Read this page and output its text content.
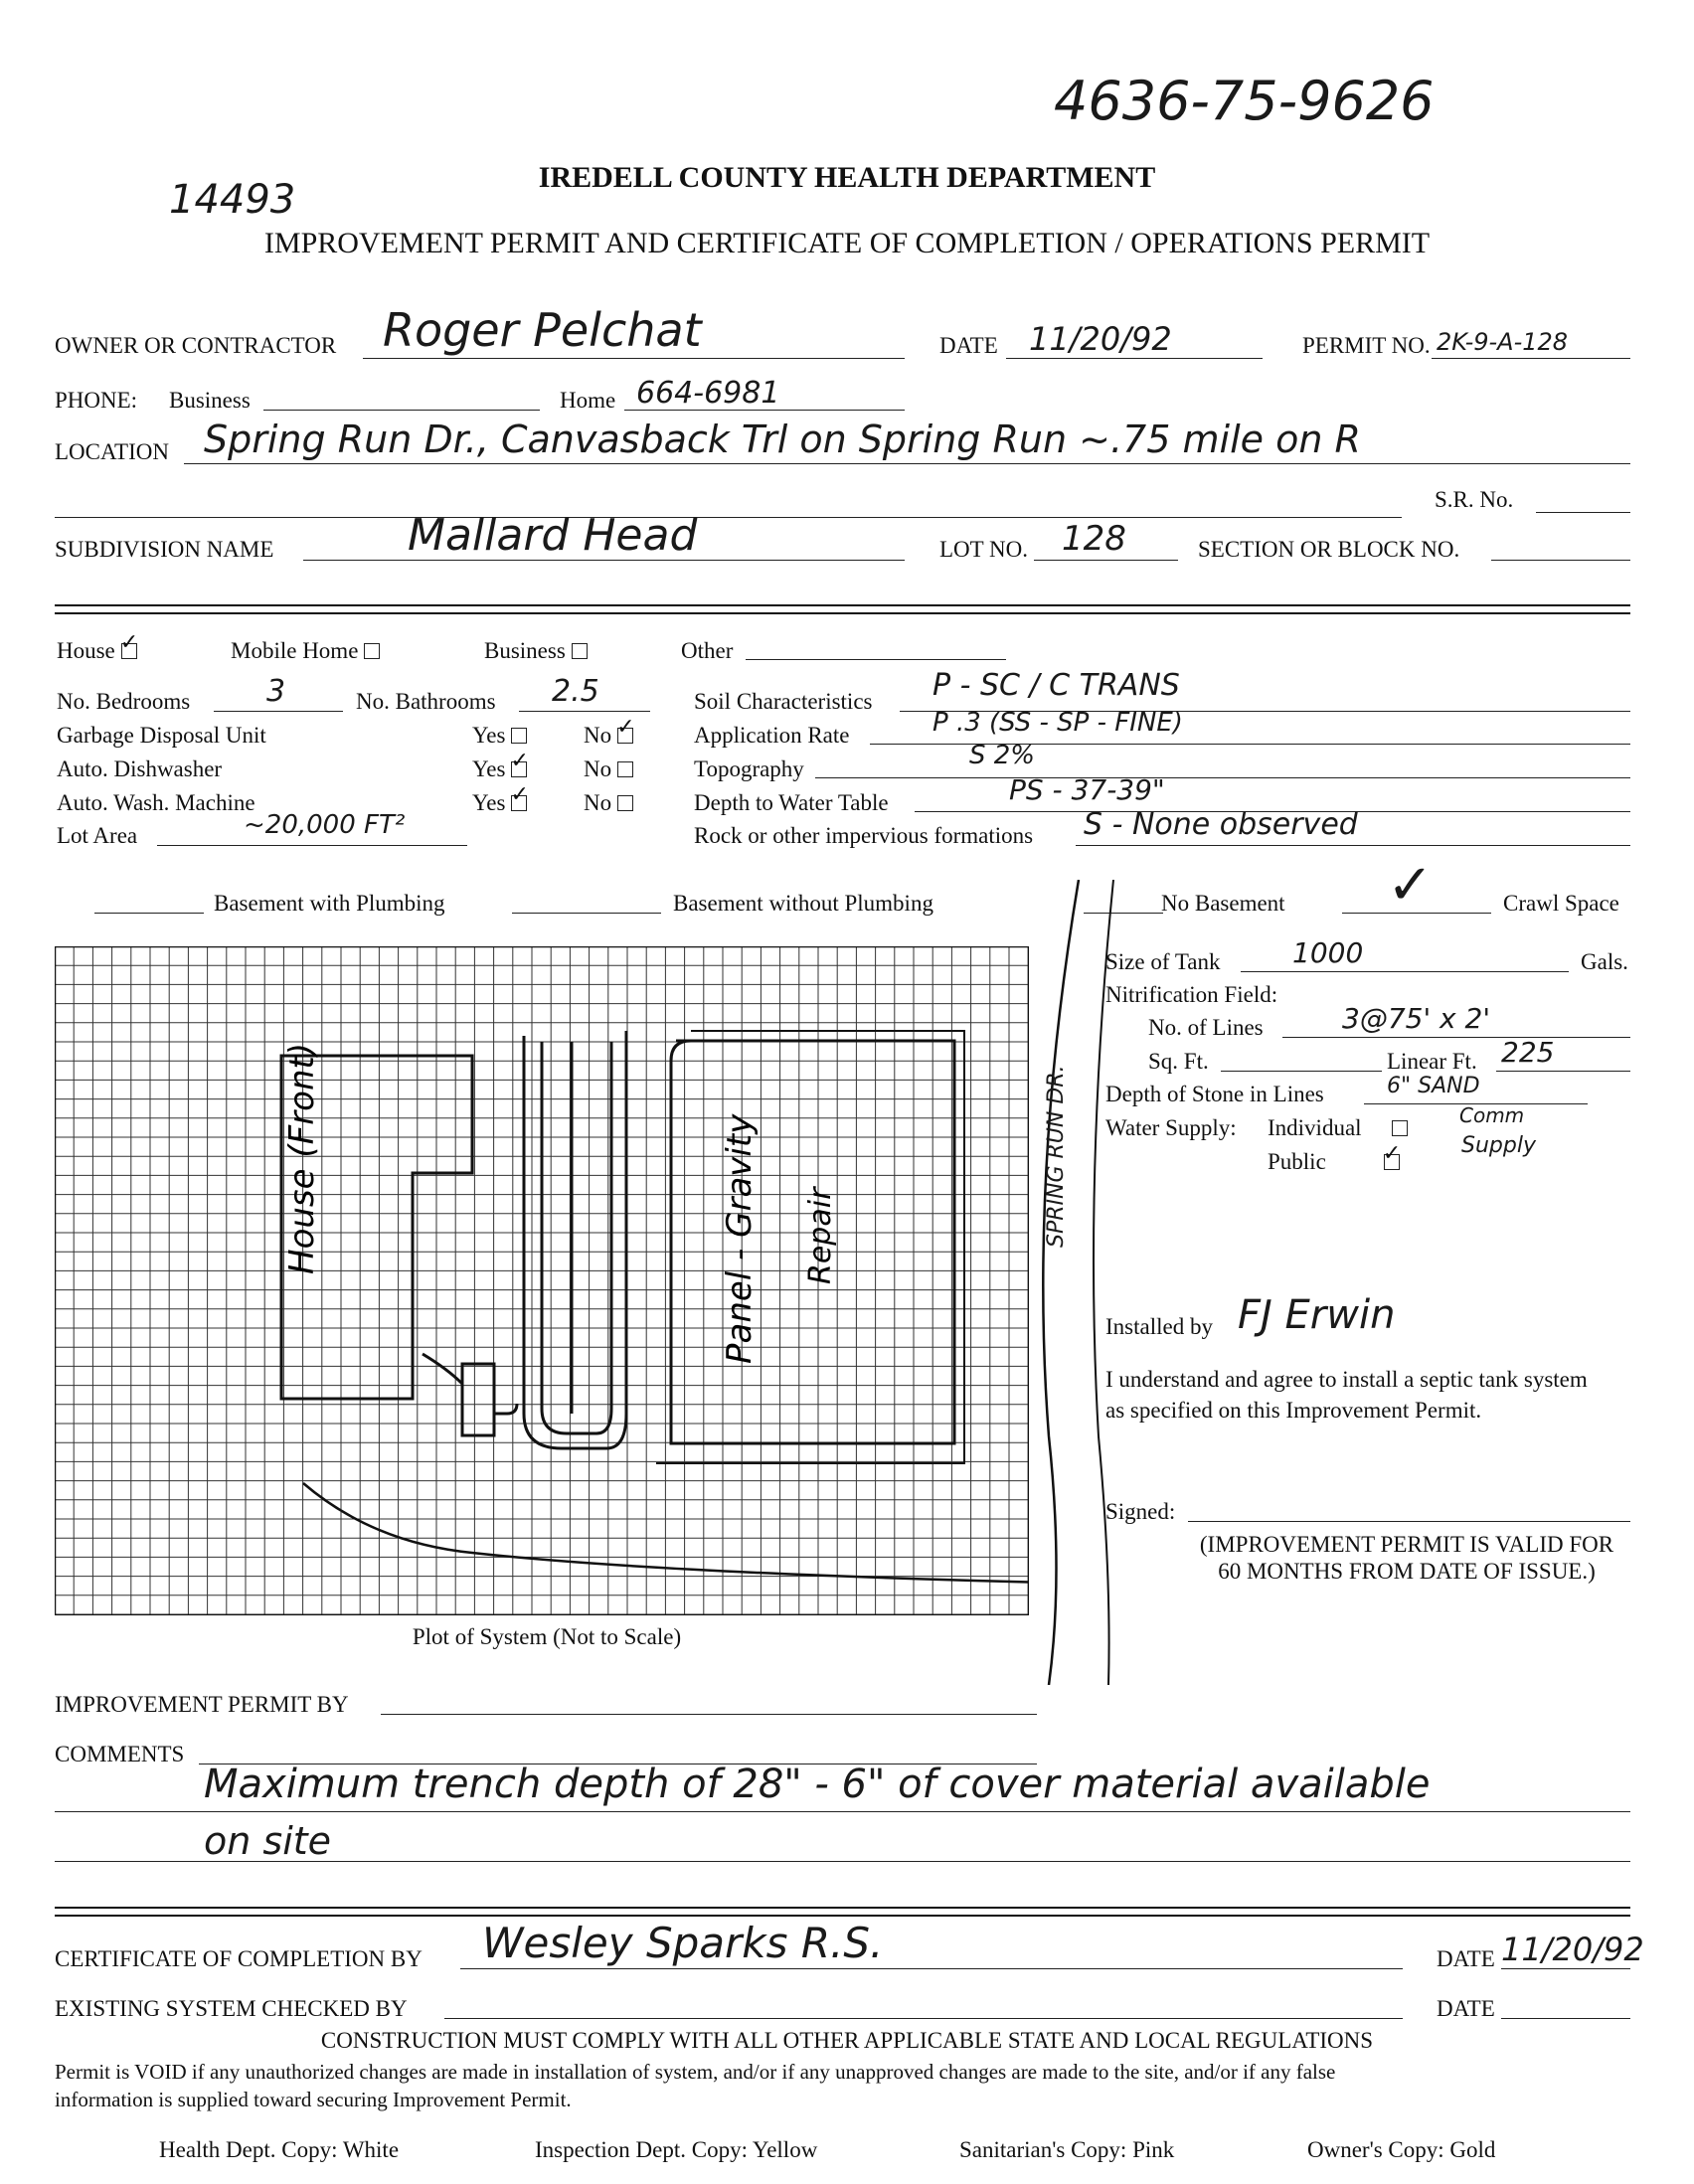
4636-75-9626
14493	IREDELL COUNTY HEALTH DEPARTMENT
IMPROVEMENT PERMIT AND CERTIFICATE OF COMPLETION / OPERATIONS PERMIT
OWNER OR CONTRACTOR Roger Pelchat	DATE 11/20/92	PERMIT NO. 2K-9-A-128
PHONE: Business	Home 664-6981
LOCATION Spring Run Dr., Canvasback Trl on Spring Run ~.75 mile on R
S.R. No.
SUBDIVISION NAME	Mallard Head	LOT NO. 128	SECTION OR BLOCK NO.
House ✓	Mobile Home	Business	Other
No. Bedrooms	3	No. Bathrooms 2.5
Garbage Disposal Unit	Yes	No ✓
Auto. Dishwasher	Yes ✓ No
Auto. Wash. Machine	Yes ✓ No
Lot Area	~20,000 FT²
Soil Characteristics P - SC / C TRANS
Application Rate	P .3 (SS - SP - FINE)
Topography	S 2%
Depth to Water Table	PS - 37-39"
Rock or other impervious formations S - None observed
Basement with Plumbing	Basement without Plumbing	No Basement ✓	Crawl Space
House (Front)	Panel - Gravity Repair	SPRING RUN DR.
Plot of System (Not to Scale)
Size of Tank	1000	Gals.
Nitrification Field:
No. of Lines	3@75' x 2'
Sq. Ft.	Linear Ft. 225
Depth of Stone in Lines	6" SAND
Water Supply: Individual
Public	✓
Comm
Supply
Installed by FJ Erwin
I understand and agree to install a septic tank system
as specified on this Improvement Permit.
Signed:
(IMPROVEMENT PERMIT IS VALID FOR
60 MONTHS FROM DATE OF ISSUE.)
IMPROVEMENT PERMIT BY
COMMENTS
Maximum trench depth of 28" - 6" of cover material available
on site
CERTIFICATE OF COMPLETION BY Wesley Sparks R.S.	DATE 11/20/92
EXISTING SYSTEM CHECKED BY	DATE
CONSTRUCTION MUST COMPLY WITH ALL OTHER APPLICABLE STATE AND LOCAL REGULATIONS
Permit is VOID if any unauthorized changes are made in installation of system, and/or if any unapproved changes are made to the site, and/or if any false
information is supplied toward securing Improvement Permit.
Health Dept. Copy: White	Inspection Dept. Copy: Yellow	Sanitarian's Copy: Pink	Owner's Copy: Gold
